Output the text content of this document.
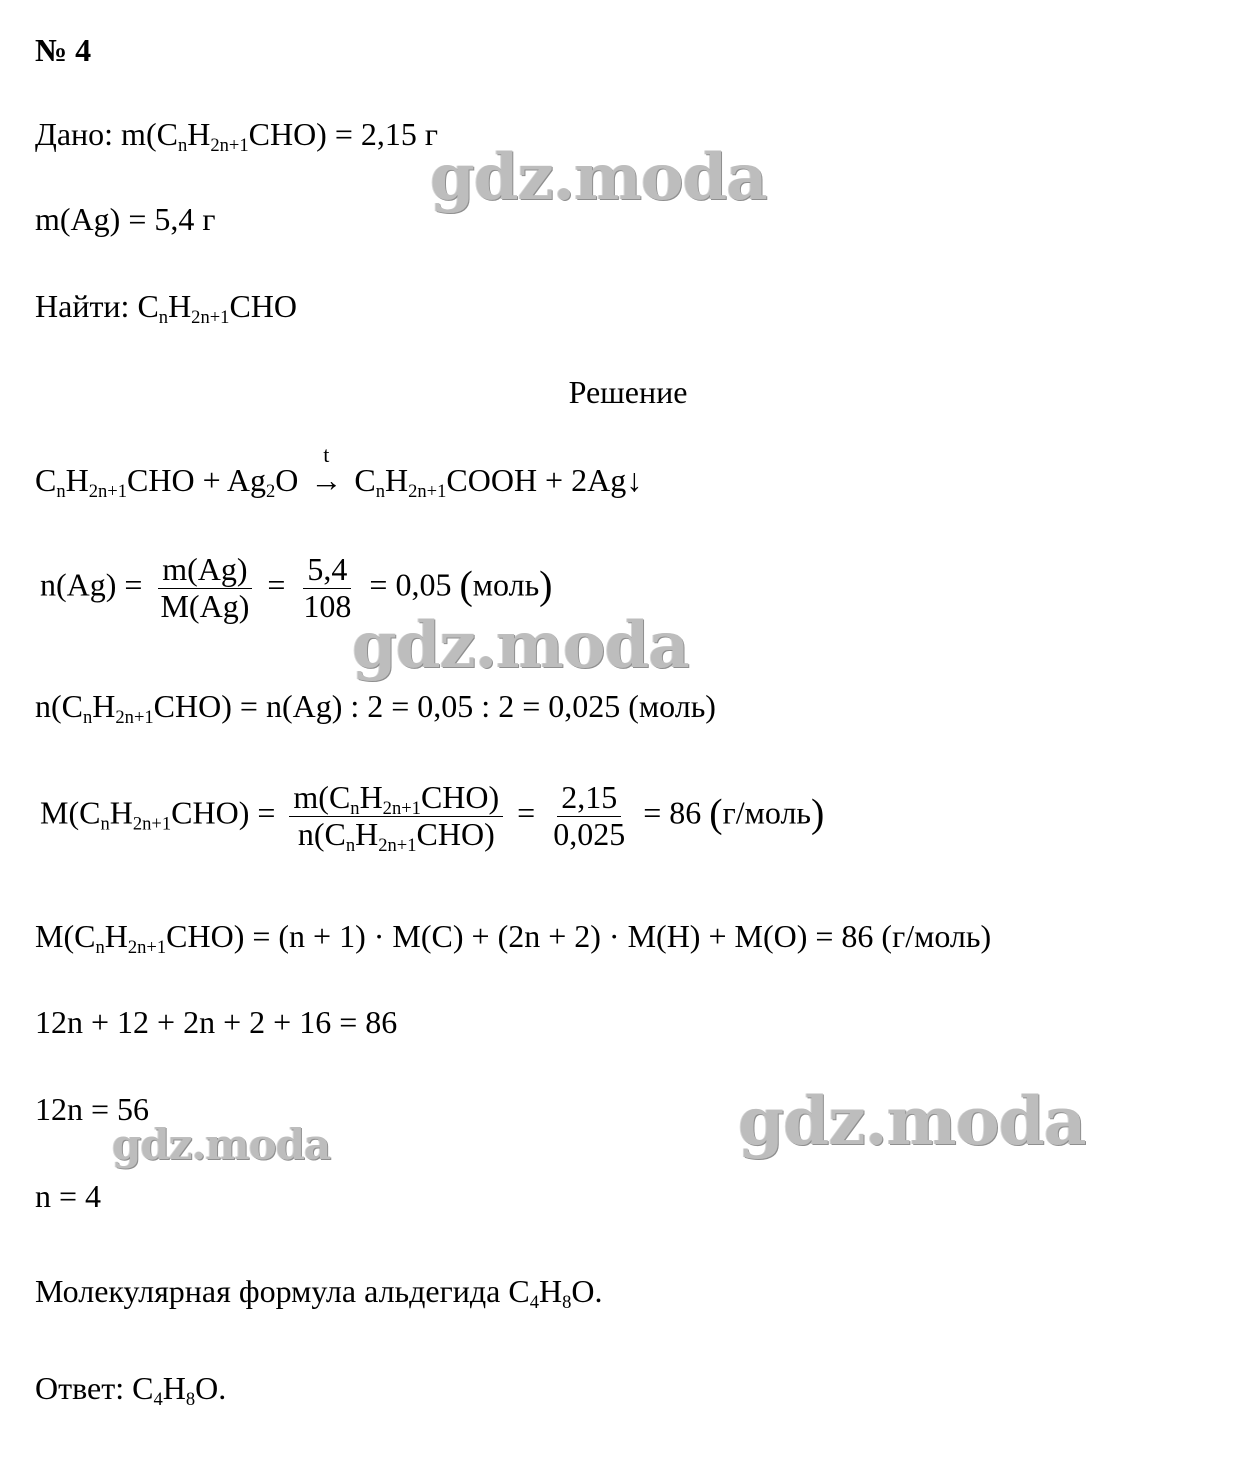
№ 4
Дано: $m(C_nH_{2n+1}CHO) = 2,15$ г
m(Ag) = 5,4 г
Найти: $C_nH_{2n+1}CHO$
Решение
$C_nH_{2n+1}CHO + Ag_2O$
t
→ $C_nH_{2n+1}COOH$ + 2Ag↓
$n(Ag) = \frac{m(Ag)}{M(Ag)} = \frac{5,4}{108} = 0,05$ (моль)
$n(C_nH_{2n+1}CHO) = n(Ag)$ : 2 = 0,05 : 2 = 0,025 (моль)
$M(C_nH_{2n+1}CHO) = \frac{m(C_nH_{2n+1}CHO)}{n(C_nH_{2n+1}CHO)} = \frac{2,15}{0,025} = 86$ (г/моль)
$M(C_nH_{2n+1}CHO) = (n + 1) \cdot M(C) + (2n + 2) \cdot M(H) + M(O) = 86$ (г/моль)
12n + 12 + 2n + 2 + 16 = 86
12n = 56
n = 4
Молекулярная формула альдегида $C_4H_8O$.
Ответ: $C_4H_8O$.
gdz.moda
gdz.moda
gdz.moda
gdz.moda
